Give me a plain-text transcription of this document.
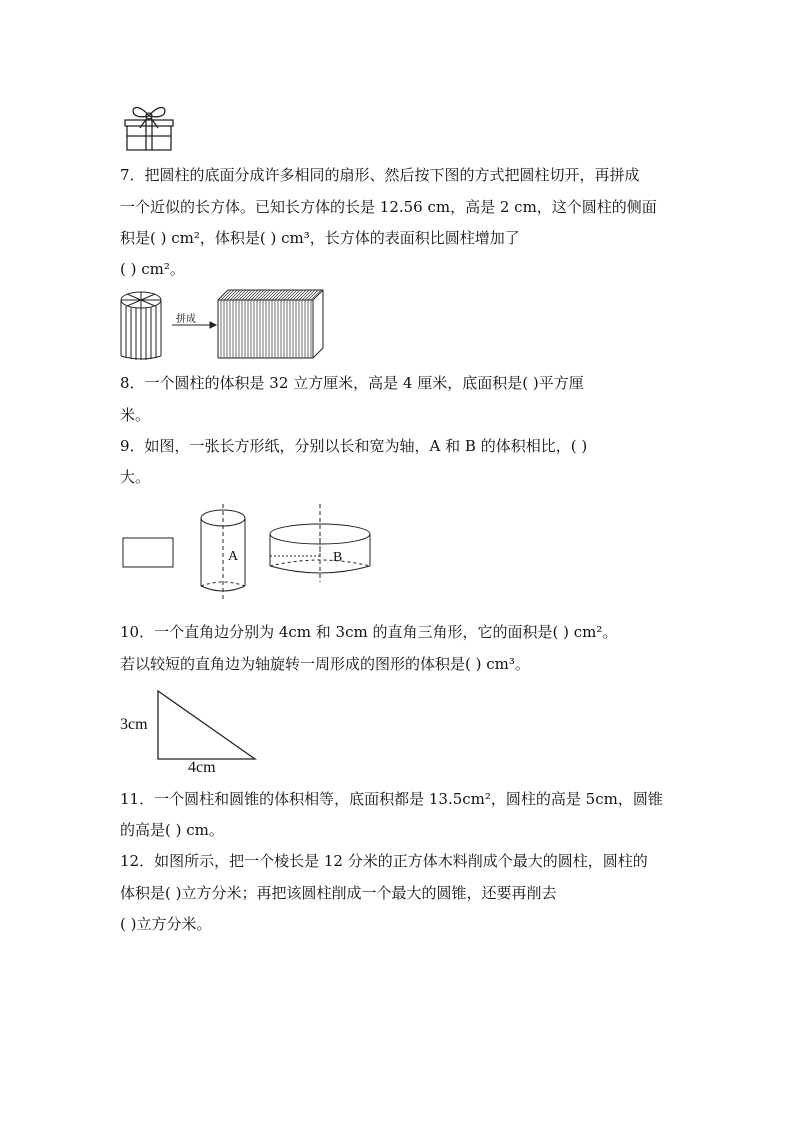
7．把圆柱的底面分成许多相同的扇形、然后按下图的方式把圆柱切开，再拼成
一个近似的长方体。已知长方体的长是 12.56 cm，高是 2 cm，这个圆柱的侧面
积是( ) cm²，体积是( ) cm³，长方体的表面积比圆柱增加了
( ) cm²。
拼成
8．一个圆柱的体积是 32 立方厘米，高是 4 厘米，底面积是( )平方厘
米。
9．如图，一张长方形纸，分别以长和宽为轴，A 和 B 的体积相比，( )
大。
A	B
10．一个直角边分别为 4cm 和 3cm 的直角三角形，它的面积是( ) cm²。
若以较短的直角边为轴旋转一周形成的图形的体积是( ) cm³。
3cm
4cm
11．一个圆柱和圆锥的体积相等，底面积都是 13.5cm²，圆柱的高是 5cm，圆锥
的高是( ) cm。
12．如图所示，把一个棱长是 12 分米的正方体木料削成个最大的圆柱，圆柱的
体积是( )立方分米；再把该圆柱削成一个最大的圆锥，还要再削去
( )立方分米。
